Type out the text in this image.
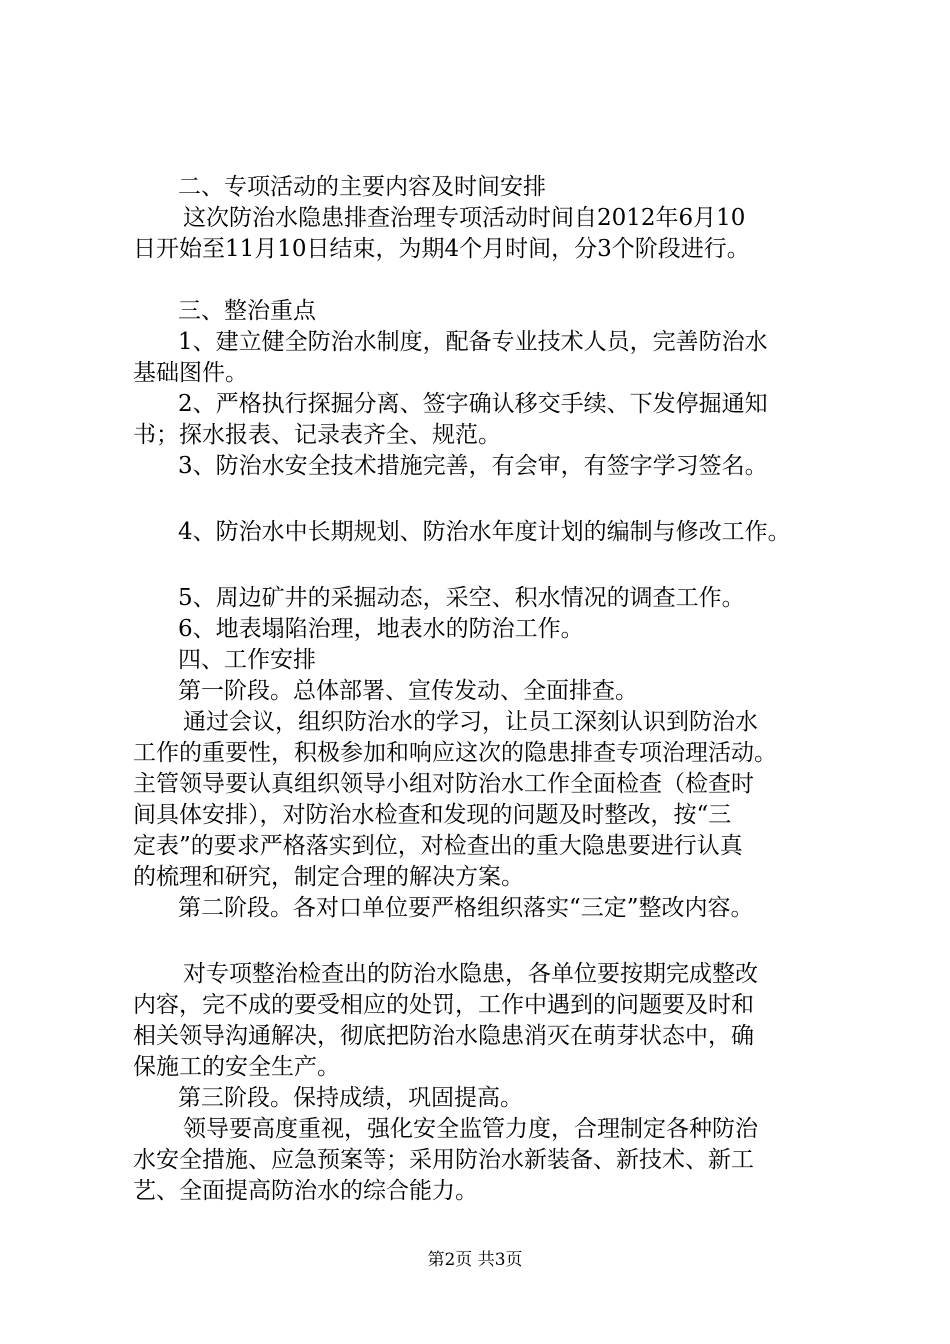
二、专项活动的主要内容及时间安排
这次防治水隐患排查治理专项活动时间自2012年6月10
日开始至11月10日结束，为期4个月时间，分3个阶段进行。
三、整治重点
1、建立健全防治水制度，配备专业技术人员，完善防治水
基础图件。
2、严格执行探掘分离、签字确认移交手续、下发停掘通知
书；探水报表、记录表齐全、规范。
3、防治水安全技术措施完善，有会审，有签字学习签名。
4、防治水中长期规划、防治水年度计划的编制与修改工作。
5、周边矿井的采掘动态，采空、积水情况的调查工作。
6、地表塌陷治理，地表水的防治工作。
四、工作安排
第一阶段。总体部署、宣传发动、全面排查。
通过会议，组织防治水的学习，让员工深刻认识到防治水
工作的重要性，积极参加和响应这次的隐患排查专项治理活动。
主管领导要认真组织领导小组对防治水工作全面检查（检查时
间具体安排），对防治水检查和发现的问题及时整改，按“三
定表”的要求严格落实到位，对检查出的重大隐患要进行认真
的梳理和研究，制定合理的解决方案。
第二阶段。各对口单位要严格组织落实“三定”整改内容。
对专项整治检查出的防治水隐患，各单位要按期完成整改
内容，完不成的要受相应的处罚，工作中遇到的问题要及时和
相关领导沟通解决，彻底把防治水隐患消灭在萌芽状态中，确
保施工的安全生产。
第三阶段。保持成绩，巩固提高。
领导要高度重视，强化安全监管力度，合理制定各种防治
水安全措施、应急预案等；采用防治水新装备、新技术、新工
艺、全面提高防治水的综合能力。
第2页 共3页
